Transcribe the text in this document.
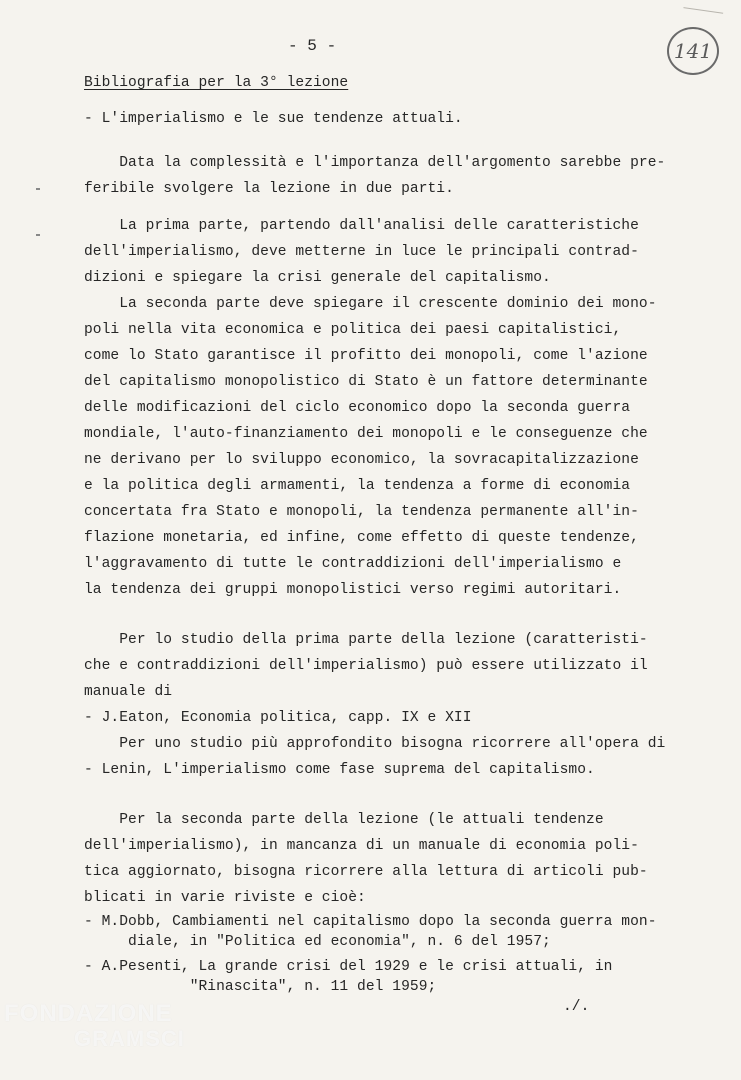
- 5 -	141
Bibliografia per la 3° lezione
- L'imperialismo e le sue tendenze attuali.
Data la complessità e l'importanza dell'argomento sarebbe pre-
feribile svolgere la lezione in due parti.
La prima parte, partendo dall'analisi delle caratteristiche
dell'imperialismo, deve metterne in luce le principali contrad-
dizioni e spiegare la crisi generale del capitalismo.
La seconda parte deve spiegare il crescente dominio dei mono-
poli nella vita economica e politica dei paesi capitalistici,
come lo Stato garantisce il profitto dei monopoli, come l'azione
del capitalismo monopolistico di Stato è un fattore determinante
delle modificazioni del ciclo economico dopo la seconda guerra
mondiale, l'auto-finanziamento dei monopoli e le conseguenze che
ne derivano per lo sviluppo economico, la sovracapitalizzazione
e la politica degli armamenti, la tendenza a forme di economia
concertata fra Stato e monopoli, la tendenza permanente all'in-
flazione monetaria, ed infine, come effetto di queste tendenze,
l'aggravamento di tutte le contraddizioni dell'imperialismo e
la tendenza dei gruppi monopolistici verso regimi autoritari.
Per lo studio della prima parte della lezione (caratteristi-
che e contraddizioni dell'imperialismo) può essere utilizzato il
manuale di
- J.Eaton, Economia politica, capp. IX e XII
Per uno studio più approfondito bisogna ricorrere all'opera di
- Lenin, L'imperialismo come fase suprema del capitalismo.
Per la seconda parte della lezione (le attuali tendenze
dell'imperialismo), in mancanza di un manuale di economia poli-
tica aggiornato, bisogna ricorrere alla lettura di articoli pub-
blicati in varie riviste e cioè:
- M.Dobb, Cambiamenti nel capitalismo dopo la seconda guerra mon-
diale, in "Politica ed economia", n. 6 del 1957;
- A.Pesenti, La grande crisi del 1929 e le crisi attuali, in
"Rinascita", n. 11 del 1959;
./.
FONDAZIONE
GRAMSCI
